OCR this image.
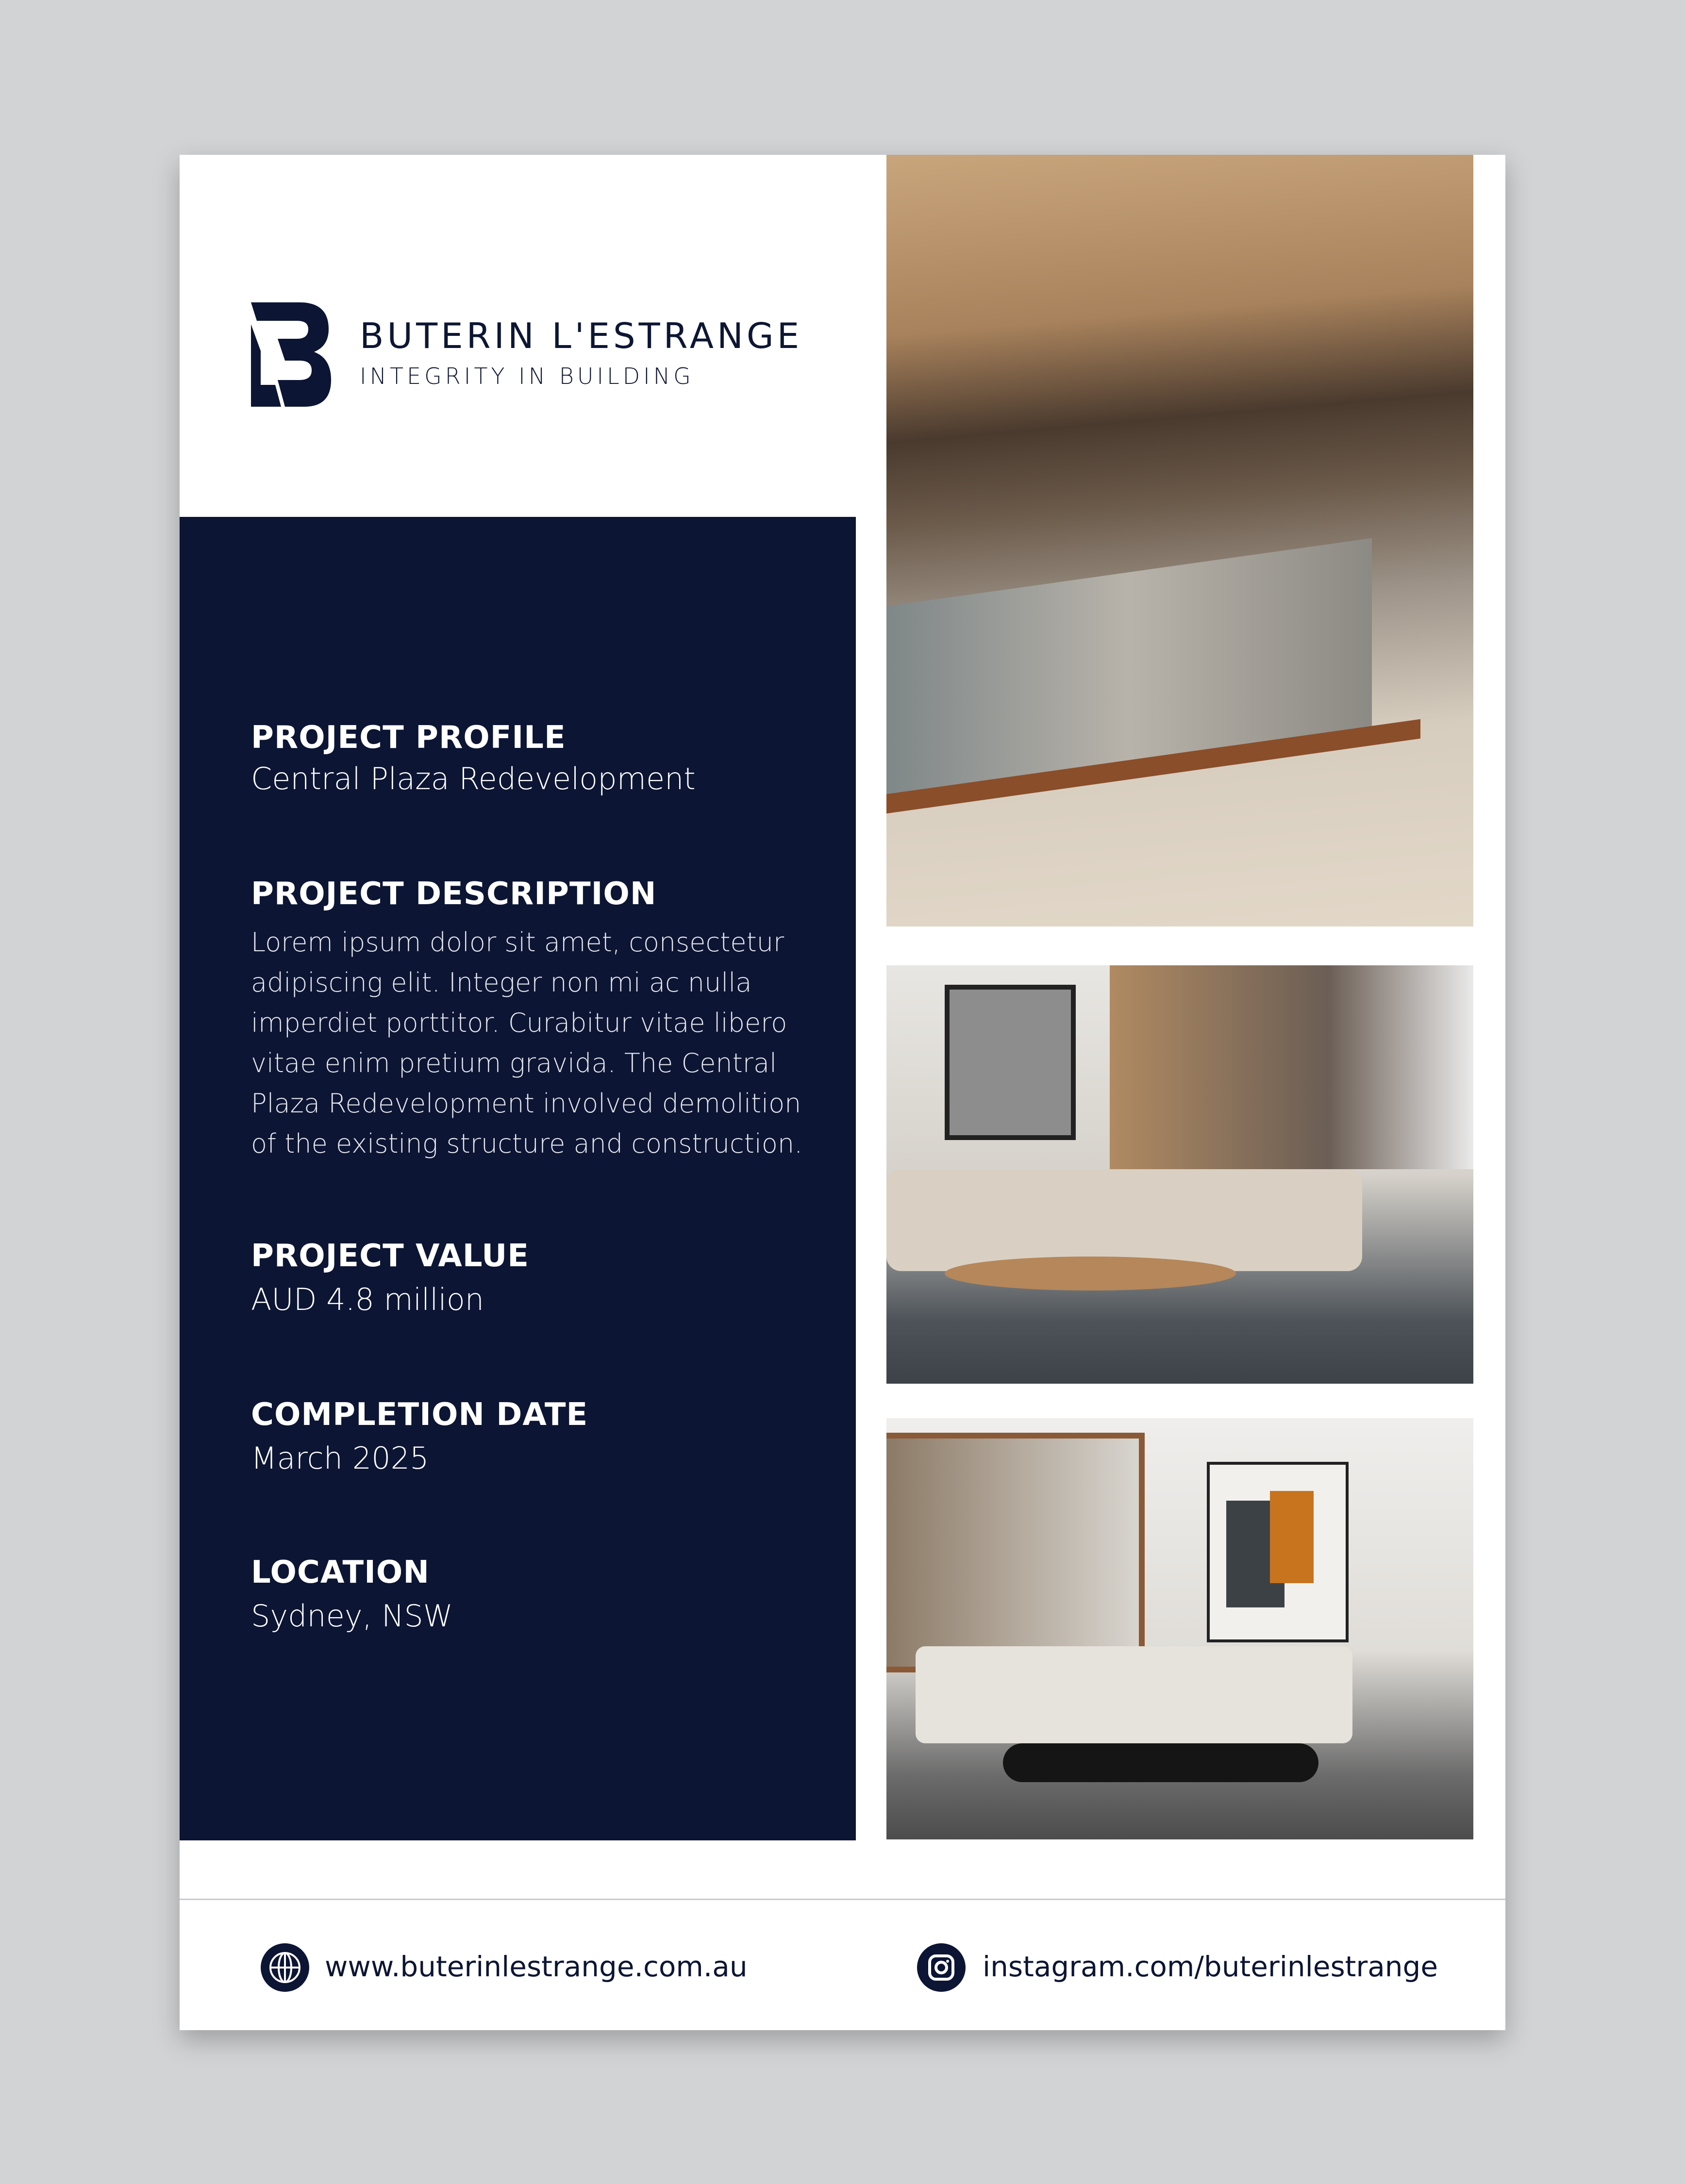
BUTERIN L'ESTRANGE
INTEGRITY IN BUILDING
PROJECT PROFILE
Central Plaza Redevelopment
PROJECT DESCRIPTION
Lorem ipsum dolor sit amet, consectetur adipiscing elit. Integer non mi ac nulla imperdiet porttitor. Curabitur vitae libero vitae enim pretium gravida. The Central Plaza Redevelopment involved demolition of the existing structure and construction.
PROJECT VALUE
AUD 4.8 million
COMPLETION DATE
March 2025
LOCATION
Sydney, NSW
www.buterinlestrange.com.au	instagram.com/buterinlestrange
